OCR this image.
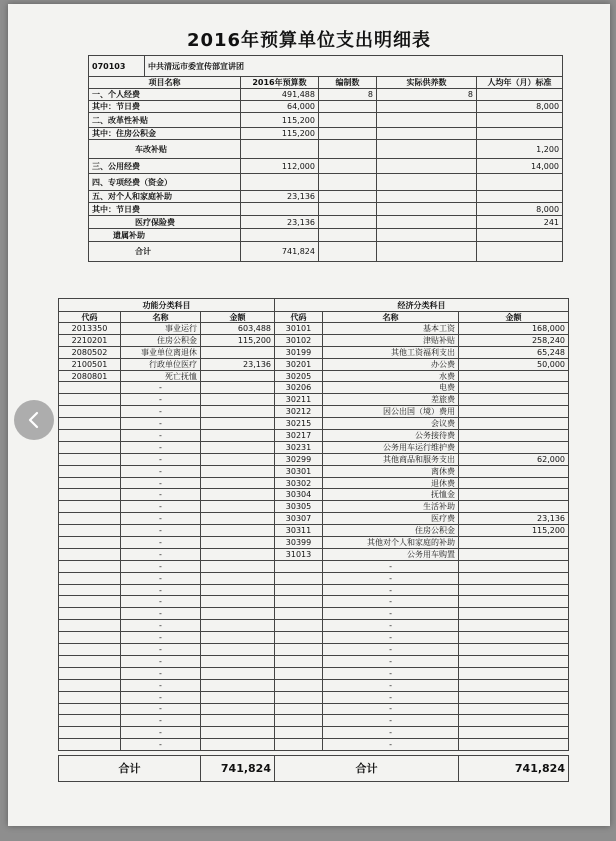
2016年预算单位支出明细表
070103	中共清远市委宣传部宣讲团				
项目名称		2016年预算数	编制数	实际供养数	人均年（月）标准
一、个人经费		491,488	8	8	
其中：节日费		64,000			8,000
二、改革性补贴		115,200			
其中：住房公积金		115,200			
车改补贴					1,200
三、公用经费		112,000			14,000
四、专项经费（资金）					
五、对个人和家庭补助		23,136			
其中：节日费					8,000
医疗保险费		23,136			241
遗属补助					
合计		741,824			
功能分类科目			经济分类科目		
代码	名称	金额	代码	名称	金额
2013350	事业运行	603,488	30101	基本工资	168,000
2210201	住房公积金	115,200	30102	津贴补贴	258,240
2080502	事业单位离退休		30199	其他工资福利支出	65,248
2100501	行政单位医疗	23,136	30201	办公费	50,000
2080801	死亡抚恤		30205	水费	
	-		30206	电费	
	-		30211	差旅费	
	-		30212	因公出国（境）费用	
	-		30215	会议费	
	-		30217	公务接待费	
	-		30231	公务用车运行维护费	
	-		30299	其他商品和服务支出	62,000
	-		30301	离休费	
	-		30302	退休费	
	-		30304	抚恤金	
	-		30305	生活补助	
	-		30307	医疗费	23,136
	-		30311	住房公积金	115,200
	-		30399	其他对个人和家庭的补助	
	-		31013	公务用车购置	
	-			-	
	-			-	
	-			-	
	-			-	
	-			-	
	-			-	
	-			-	
	-			-	
	-			-	
	-			-	
	-			-	
	-			-	
	-			-	
	-			-	
	-			-	
	-			-	
合计	741,824	合计	741,824
